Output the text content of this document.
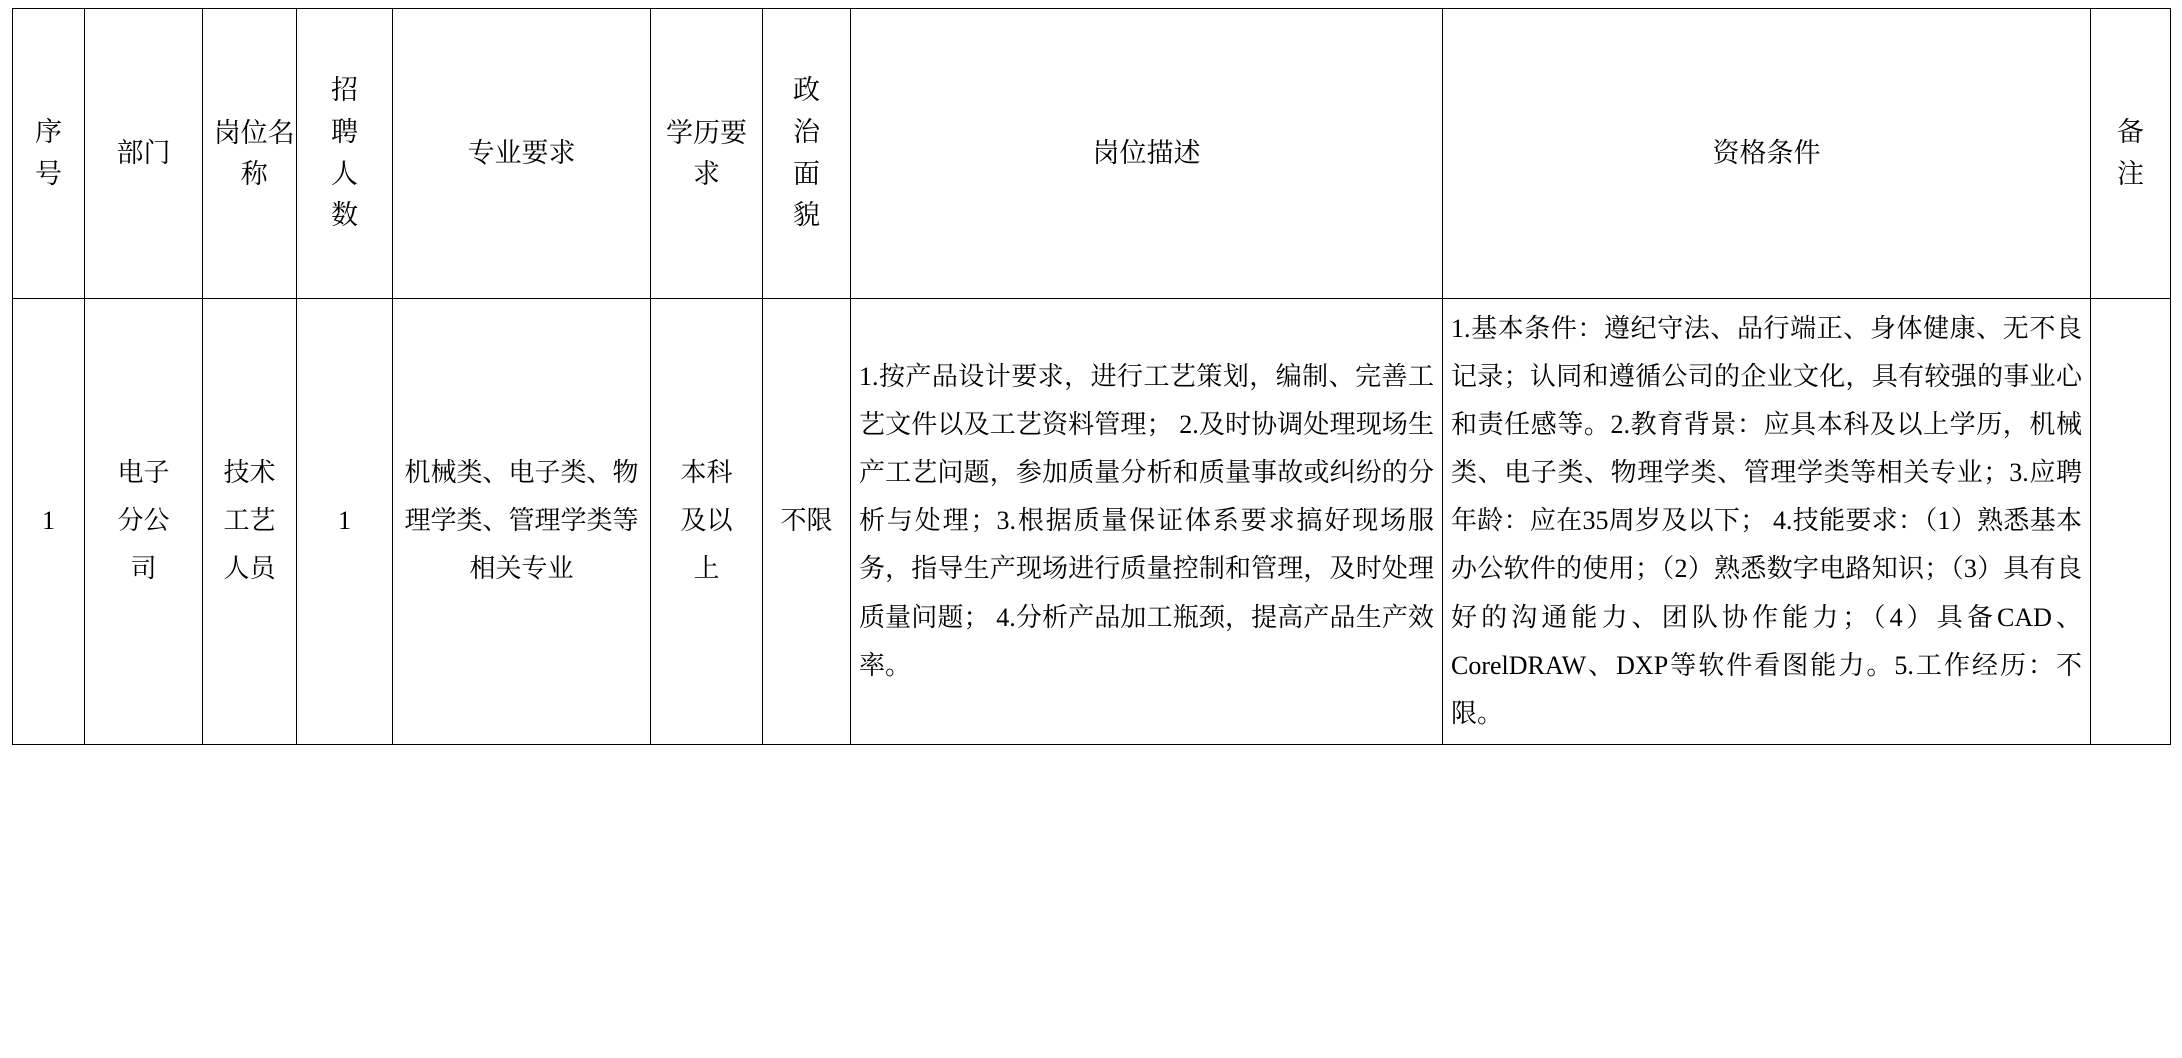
序号	部门	岗位名称	招聘人数	专业要求	学历要求	政治面貌	岗位描述	资格条件	备注

1	电子分公司	技术工艺人员	1	机械类、电子类、物理学类、管理学类等相关专业	本科及以上	不限	1.按产品设计要求，进行工艺策划，编制、完善工艺文件以及工艺资料管理； 2.及时协调处理现场生产工艺问题，参加质量分析和质量事故或纠纷的分析与处理；3.根据质量保证体系要求搞好现场服务，指导生产现场进行质量控制和管理，及时处理质量问题； 4.分析产品加工瓶颈，提高产品生产效率。	1.基本条件：遵纪守法、品行端正、身体健康、无不良记录；认同和遵循公司的企业文化，具有较强的事业心和责任感等。2.教育背景：应具本科及以上学历，机械类、电子类、物理学类、管理学类等相关专业；3.应聘年龄：应在35周岁及以下； 4.技能要求：（1）熟悉基本办公软件的使用；（2）熟悉数字电路知识；（3）具有良好的沟通能力、团队协作能力；（4）具备CAD、CorelDRAW、DXP等软件看图能力。5.工作经历：不限。	
